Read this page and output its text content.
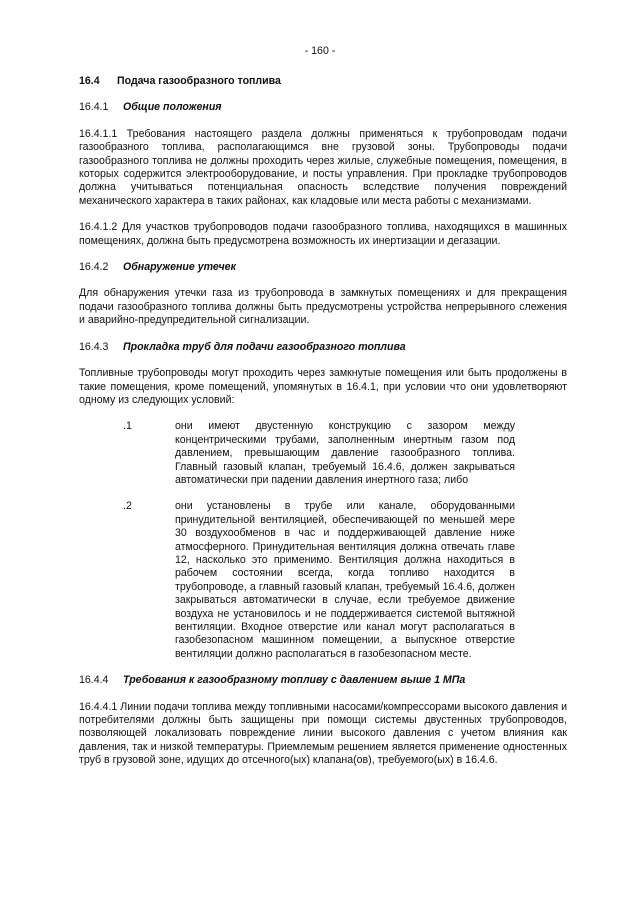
- 160 -
16.4	Подача газообразного топлива
16.4.1	Общие положения

16.4.1.1 Требования настоящего раздела должны применяться к трубопроводам подачи газообразного топлива, располагающимся вне грузовой зоны. Трубопроводы подачи газообразного топлива не должны проходить через жилые, служебные помещения, помещения, в которых содержится электрооборудование, и посты управления. При прокладке трубопроводов должна учитываться потенциальная опасность вследствие получения повреждений механического характера в таких районах, как кладовые или места работы с механизмами.

16.4.1.2 Для участков трубопроводов подачи газообразного топлива, находящихся в машинных помещениях, должна быть предусмотрена возможность их инертизации и дегазации.

16.4.2	Обнаружение утечек

Для обнаружения утечки газа из трубопровода в замкнутых помещениях и для прекращения подачи газообразного топлива должны быть предусмотрены устройства непрерывного слежения и аварийно-предупредительной сигнализации.

16.4.3	Прокладка труб для подачи газообразного топлива

Топливные трубопроводы могут проходить через замкнутые помещения или быть продолжены в такие помещения, кроме помещений, упомянутых в 16.4.1, при условии что они удовлетворяют одному из следующих условий:

.1	они имеют двустенную конструкцию с зазором между концентрическими трубами, заполненным инертным газом под давлением, превышающим давление газообразного топлива. Главный газовый клапан, требуемый 16.4.6, должен закрываться автоматически при падении давления инертного газа; либо
.2	они установлены в трубе или канале, оборудованными принудительной вентиляцией, обеспечивающей по меньшей мере 30 воздухообменов в час и поддерживающей давление ниже атмосферного. Принудительная вентиляция должна отвечать главе 12, насколько это применимо. Вентиляция должна находиться в рабочем состоянии всегда, когда топливо находится в трубопроводе, а главный газовый клапан, требуемый 16.4.6, должен закрываться автоматически в случае, если требуемое движение воздуха не установилось и не поддерживается системой вытяжной вентиляции. Входное отверстие или канал могут располагаться в газобезопасном машинном помещении, а выпускное отверстие вентиляции должно располагаться в газобезопасном месте.
16.4.4	Требования к газообразному топливу с давлением выше 1 МПа

16.4.4.1 Линии подачи топлива между топливными насосами/компрессорами высокого давления и потребителями должны быть защищены при помощи системы двустенных трубопроводов, позволяющей локализовать повреждение линии высокого давления с учетом влияния как давления, так и низкой температуры. Приемлемым решением является применение одностенных труб в грузовой зоне, идущих до отсечного(ых) клапана(ов), требуемого(ых) в 16.4.6.
